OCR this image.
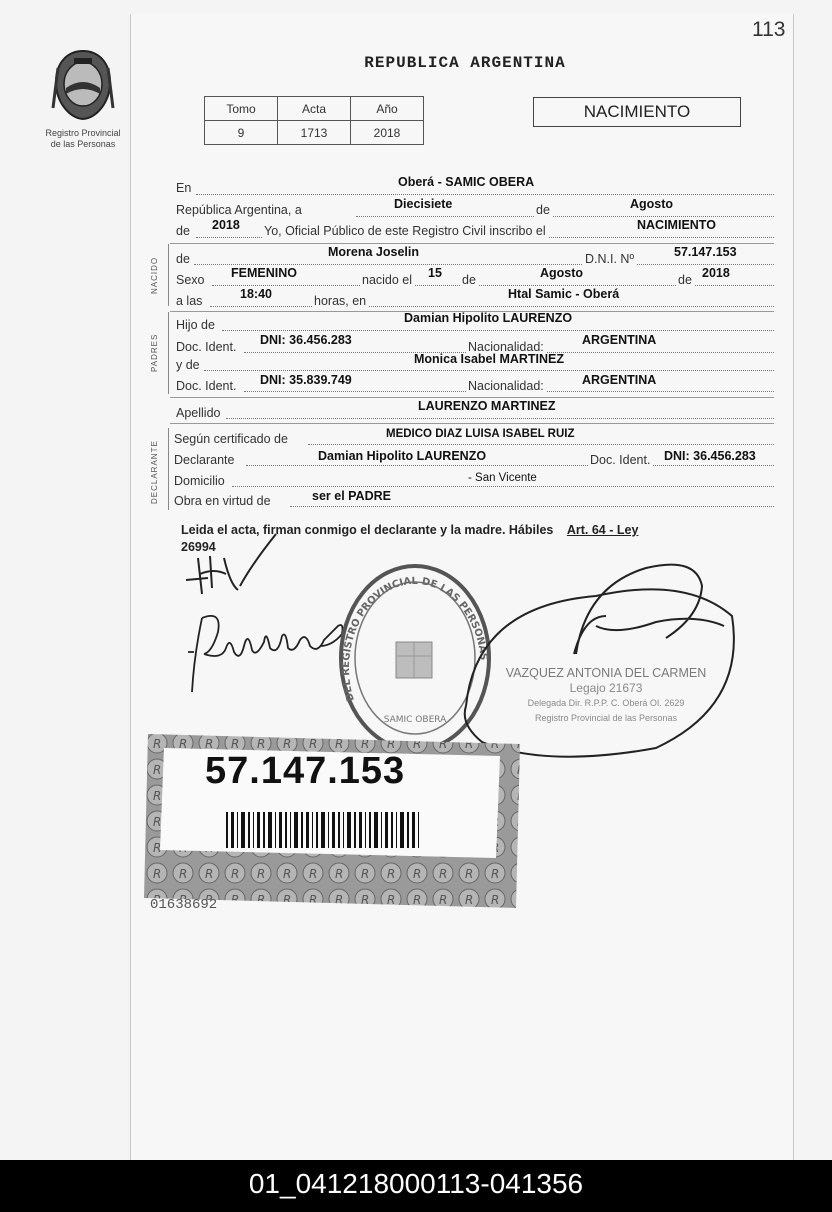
113
Registro Provincial
de las Personas
REPUBLICA ARGENTINA
Tomo	Acta	Año
9	1713	2018
NACIMIENTO
En	Oberá - SAMIC OBERA
República Argentina, a	Diecisiete	de	Agosto
de 2018 Yo, Oficial Público de este Registro Civil inscribo el	NACIMIENTO
NACIDO de	Morena Joselin	D.N.I. Nº	57.147.153
Sexo FEMENINO	nacido el 15 de	Agosto	de 2018
a las	18:40	horas, en	Htal Samic - Oberá
PADRES
Hijo de	Damian Hipolito LAURENZO
Doc. Ident. DNI: 36.456.283	Nacionalidad:	ARGENTINA
y de	Monica Isabel MARTINEZ
Doc. Ident. DNI: 35.839.749	Nacionalidad:	ARGENTINA
Apellido	LAURENZO MARTINEZ
DECLARANTE
Según certificado de	MEDICO DIAZ LUISA ISABEL RUIZ
Declarante	Damian Hipolito LAURENZO	Doc. Ident. DNI: 36.456.283
Domicilio	- San Vicente
Obra en virtud de	ser el PADRE
Leida el acta, firman conmigo el declarante y la madre. Hábiles Art. 64 - Ley
26994
DEL REGISTRO PROVINCIAL DE LAS PERSONAS
SAMIC OBERA
VAZQUEZ ANTONIA DEL CARMEN
Legajo 21673
Delegada Dir. R.P.P. C. Oberá OI. 2629
Registro Provincial de las Personas
57.147.153
01638692
01_041218000113-041356
